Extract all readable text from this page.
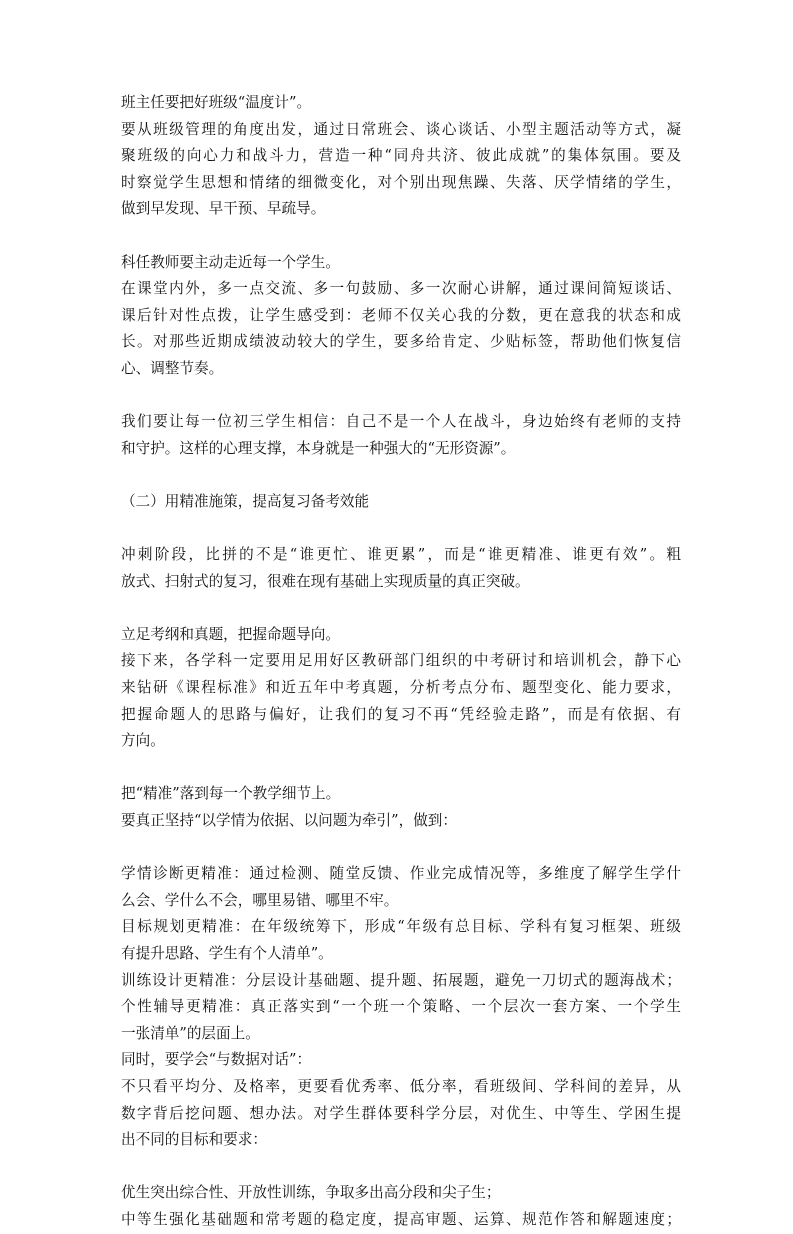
班主任要把好班级“温度计”。
要从班级管理的角度出发，通过日常班会、谈心谈话、小型主题活动等方式，凝
聚班级的向心力和战斗力，营造一种“同舟共济、彼此成就”的集体氛围。要及
时察觉学生思想和情绪的细微变化，对个别出现焦躁、失落、厌学情绪的学生，
做到早发现、早干预、早疏导。
科任教师要主动走近每一个学生。
在课堂内外，多一点交流、多一句鼓励、多一次耐心讲解，通过课间简短谈话、
课后针对性点拨，让学生感受到：老师不仅关心我的分数，更在意我的状态和成
长。对那些近期成绩波动较大的学生，要多给肯定、少贴标签，帮助他们恢复信
心、调整节奏。
我们要让每一位初三学生相信：自己不是一个人在战斗，身边始终有老师的支持
和守护。这样的心理支撑，本身就是一种强大的“无形资源”。
（二）用精准施策，提高复习备考效能
冲刺阶段，比拼的不是“谁更忙、谁更累”，而是“谁更精准、谁更有效”。粗
放式、扫射式的复习，很难在现有基础上实现质量的真正突破。
立足考纲和真题，把握命题导向。
接下来，各学科一定要用足用好区教研部门组织的中考研讨和培训机会，静下心
来钻研《课程标准》和近五年中考真题，分析考点分布、题型变化、能力要求，
把握命题人的思路与偏好，让我们的复习不再“凭经验走路”，而是有依据、有
方向。
把“精准”落到每一个教学细节上。
要真正坚持“以学情为依据、以问题为牵引”，做到：
学情诊断更精准：通过检测、随堂反馈、作业完成情况等，多维度了解学生学什
么会、学什么不会，哪里易错、哪里不牢。
目标规划更精准：在年级统筹下，形成“年级有总目标、学科有复习框架、班级
有提升思路、学生有个人清单”。
训练设计更精准：分层设计基础题、提升题、拓展题，避免一刀切式的题海战术；
个性辅导更精准：真正落实到“一个班一个策略、一个层次一套方案、一个学生
一张清单”的层面上。
同时，要学会“与数据对话”：
不只看平均分、及格率，更要看优秀率、低分率，看班级间、学科间的差异，从
数字背后挖问题、想办法。对学生群体要科学分层，对优生、中等生、学困生提
出不同的目标和要求：
优生突出综合性、开放性训练，争取多出高分段和尖子生；
中等生强化基础题和常考题的稳定度，提高审题、运算、规范作答和解题速度；
